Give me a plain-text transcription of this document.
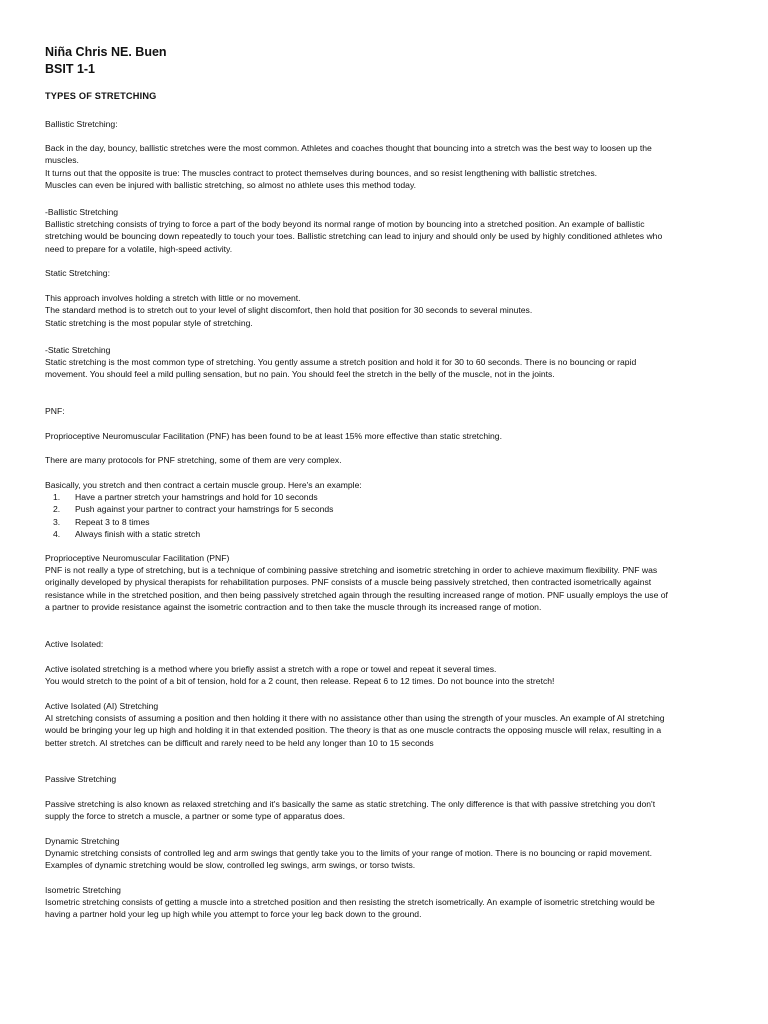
Niña Chris NE. Buen
BSIT 1-1
TYPES OF STRETCHING
Ballistic Stretching:
Back in the day, bouncy, ballistic stretches were the most common. Athletes and coaches thought that bouncing into a stretch was the best way to loosen up the
muscles.
It turns out that the opposite is true: The muscles contract to protect themselves during bounces, and so resist lengthening with ballistic stretches.
Muscles can even be injured with ballistic stretching, so almost no athlete uses this method today.
-Ballistic Stretching
Ballistic stretching consists of trying to force a part of the body beyond its normal range of motion by bouncing into a stretched position. An example of ballistic
stretching would be bouncing down repeatedly to touch your toes. Ballistic stretching can lead to injury and should only be used by highly conditioned athletes who
need to prepare for a volatile, high-speed activity.
Static Stretching:
This approach involves holding a stretch with little or no movement.
The standard method is to stretch out to your level of slight discomfort, then hold that position for 30 seconds to several minutes.
Static stretching is the most popular style of stretching.
-Static Stretching
Static stretching is the most common type of stretching. You gently assume a stretch position and hold it for 30 to 60 seconds. There is no bouncing or rapid
movement. You should feel a mild pulling sensation, but no pain. You should feel the stretch in the belly of the muscle, not in the joints.
PNF:
Proprioceptive Neuromuscular Facilitation (PNF) has been found to be at least 15% more effective than static stretching.
There are many protocols for PNF stretching, some of them are very complex.
Basically, you stretch and then contract a certain muscle group. Here's an example:
1. Have a partner stretch your hamstrings and hold for 10 seconds
2. Push against your partner to contract your hamstrings for 5 seconds
3. Repeat 3 to 8 times
4. Always finish with a static stretch
Proprioceptive Neuromuscular Facilitation (PNF)
PNF is not really a type of stretching, but is a technique of combining passive stretching and isometric stretching in order to achieve maximum flexibility. PNF was
originally developed by physical therapists for rehabilitation purposes. PNF consists of a muscle being passively stretched, then contracted isometrically against
resistance while in the stretched position, and then being passively stretched again through the resulting increased range of motion. PNF usually employs the use of
a partner to provide resistance against the isometric contraction and to then take the muscle through its increased range of motion.
Active Isolated:
Active isolated stretching is a method where you briefly assist a stretch with a rope or towel and repeat it several times.
You would stretch to the point of a bit of tension, hold for a 2 count, then release. Repeat 6 to 12 times. Do not bounce into the stretch!
Active Isolated (AI) Stretching
AI stretching consists of assuming a position and then holding it there with no assistance other than using the strength of your muscles. An example of AI stretching
would be bringing your leg up high and holding it in that extended position. The theory is that as one muscle contracts the opposing muscle will relax, resulting in a
better stretch. AI stretches can be difficult and rarely need to be held any longer than 10 to 15 seconds
Passive Stretching
Passive stretching is also known as relaxed stretching and it's basically the same as static stretching. The only difference is that with passive stretching you don't
supply the force to stretch a muscle, a partner or some type of apparatus does.
Dynamic Stretching
Dynamic stretching consists of controlled leg and arm swings that gently take you to the limits of your range of motion. There is no bouncing or rapid movement.
Examples of dynamic stretching would be slow, controlled leg swings, arm swings, or torso twists.
Isometric Stretching
Isometric stretching consists of getting a muscle into a stretched position and then resisting the stretch isometrically. An example of isometric stretching would be
having a partner hold your leg up high while you attempt to force your leg back down to the ground.
